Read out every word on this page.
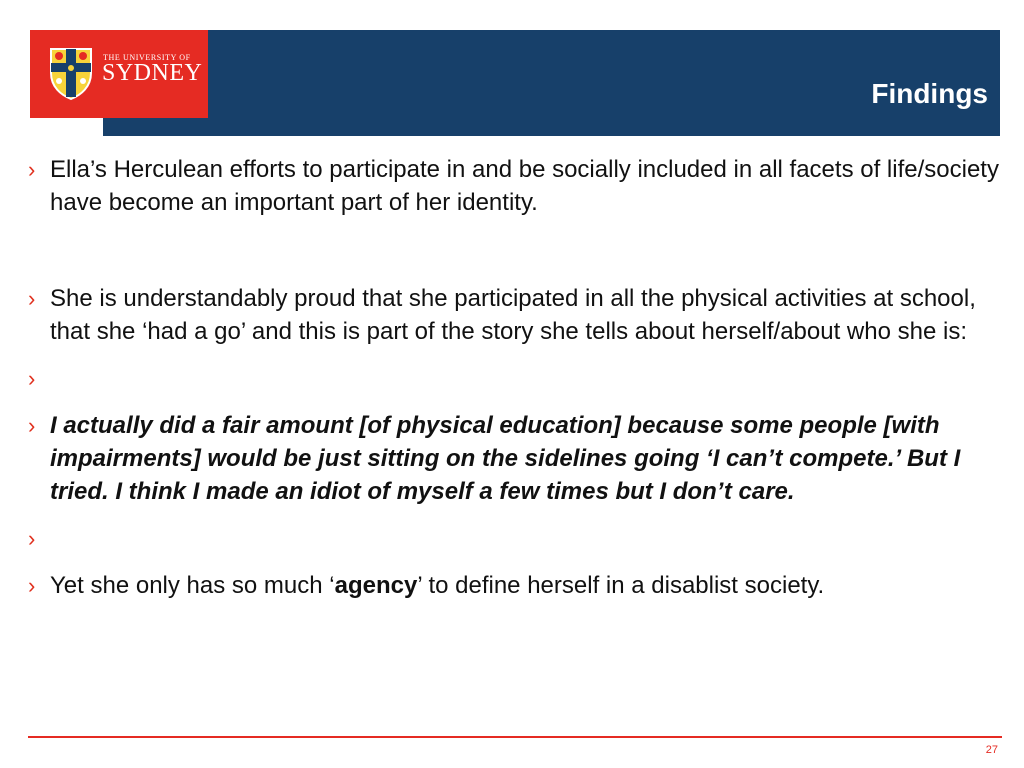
THE UNIVERSITY OF
SYDNEY
Findings
› Ella’s Herculean efforts to participate in and be socially included in all facets of life/society have become an important part of her identity.
› She is understandably proud that she participated in all the physical activities at school, that she ‘had a go’ and this is part of the story she tells about herself/about who she is:
›
› I actually did a fair amount [of physical education] because some people [with impairments] would be just sitting on the sidelines going ‘I can’t compete.’ But I tried. I think I made an idiot of myself a few times but I don’t care.
›
› Yet she only has so much ‘agency’ to define herself in a disablist society.
27
